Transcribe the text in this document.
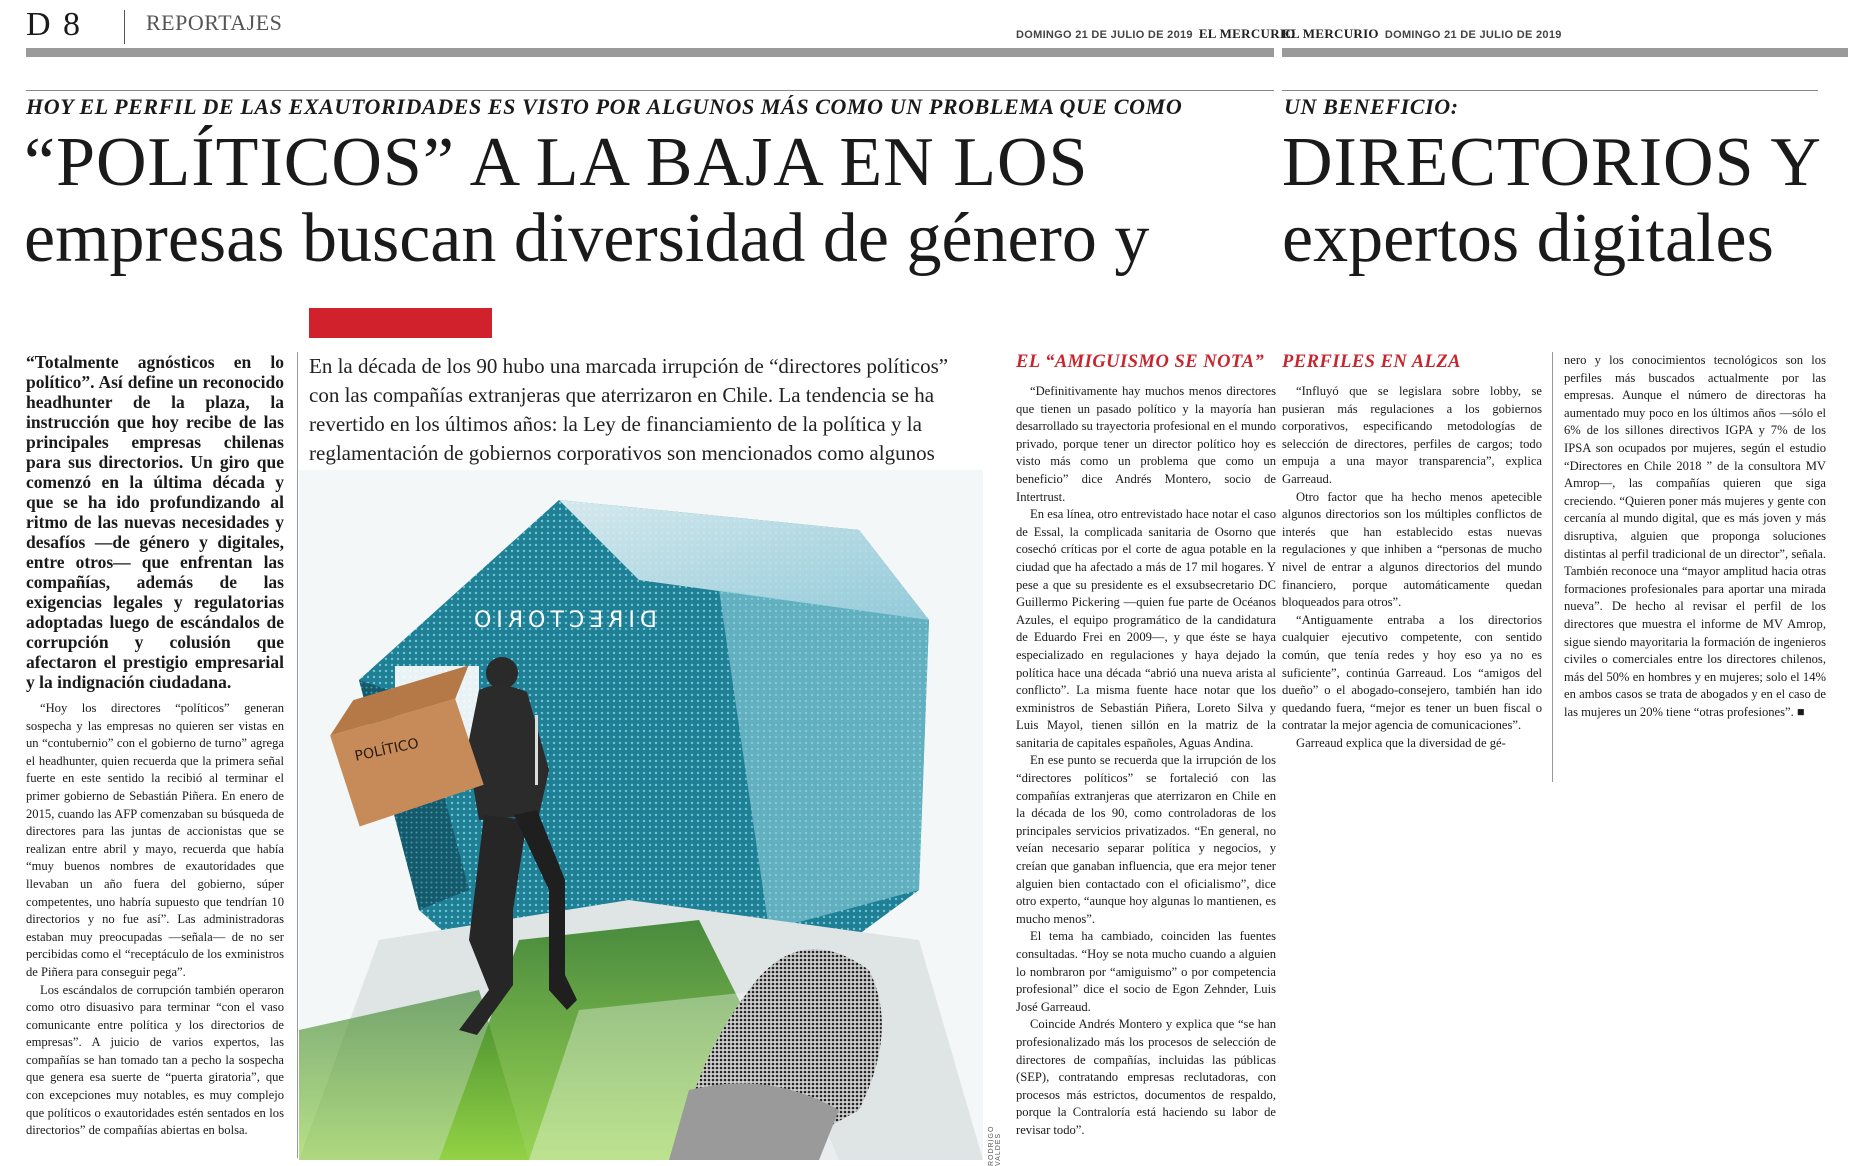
D 8	REPORTAJES	DOMINGO 21 DE JULIO DE 2019 EL MERCURIO
EL MERCURIO DOMINGO 21 DE JULIO DE 2019
HOY EL PERFIL DE LAS EXAUTORIDADES ES VISTO POR ALGUNOS MÁS COMO UN PROBLEMA QUE COMO	UN BENEFICIO:
“POLÍTICOS” A LA BAJA EN LOS	DIRECTORIOS Y
empresas buscan diversidad de género y expertos digitales
“Totalmente agnósticos en lo político”. Así define un reconocido headhunter de la plaza, la instrucción que hoy recibe de las principales empresas chilenas para sus directorios. Un giro que comenzó en la última década y que se ha ido profundizando al ritmo de las nuevas necesidades y desafíos —de género y digitales, entre otros— que enfrentan las compañías, además de las exigencias legales y regulatorias adoptadas luego de escándalos de corrupción y colusión que afectaron el prestigio empresarial y la indignación ciudadana.

“Hoy los directores “políticos” generan sospecha y las empresas no quieren ser vistas en un “contubernio” con el gobierno de turno” agrega el headhunter, quien recuerda que la primera señal fuerte en este sentido la recibió al terminar el primer gobierno de Sebastián Piñera. En enero de 2015, cuando las AFP comenzaban su búsqueda de directores para las juntas de accionistas que se realizan entre abril y mayo, recuerda que había “muy buenos nombres de exautoridades que llevaban un año fuera del gobierno, súper competentes, uno habría supuesto que tendrían 10 directorios y no fue así”. Las administradoras estaban muy preocupadas —señala— de no ser percibidas como el “receptáculo de los exministros de Piñera para conseguir pega”.

Los escándalos de corrupción también operaron como otro disuasivo para terminar “con el vaso comunicante entre política y los directorios de empresas”. A juicio de varios expertos, las compañías se han tomado tan a pecho la sospecha que genera esa suerte de “puerta giratoria”, que con excepciones muy notables, es muy complejo que políticos o exautoridades estén sentados en los directorios” de compañías abiertas en bolsa.

En la década de los 90 hubo una marcada irrupción de “directores políticos” con las compañías extranjeras que aterrizaron en Chile. La tendencia se ha revertido en los últimos años: la Ley de financiamiento de la política y la reglamentación de gobiernos corporativos son mencionados como algunos
DIRECTORIO
POLÍTICO
RODRIGO VALDÉS
EL “AMIGUISMO SE NOTA”

“Definitivamente hay muchos menos directores que tienen un pasado político y la mayoría han desarrollado su trayectoria profesional en el mundo privado, porque tener un director político hoy es visto más como un problema que como un beneficio” dice Andrés Montero, socio de Intertrust.

En esa línea, otro entrevistado hace notar el caso de Essal, la complicada sanitaria de Osorno que cosechó críticas por el corte de agua potable en la ciudad que ha afectado a más de 17 mil hogares. Y pese a que su presidente es el exsubsecretario DC Guillermo Pickering —quien fue parte de Océanos Azules, el equipo programático de la candidatura de Eduardo Frei en 2009—, y que éste se haya especializado en regulaciones y haya dejado la política hace una década “abrió una nueva arista al conflicto”. La misma fuente hace notar que los exministros de Sebastián Piñera, Loreto Silva y Luis Mayol, tienen sillón en la matriz de la sanitaria de capitales españoles, Aguas Andina.

En ese punto se recuerda que la irrupción de los “directores políticos” se fortaleció con las compañías extranjeras que aterrizaron en Chile en la década de los 90, como controladoras de los principales servicios privatizados. “En general, no veían necesario separar política y negocios, y creían que ganaban influencia, que era mejor tener alguien bien contactado con el oficialismo”, dice otro experto, “aunque hoy algunas lo mantienen, es mucho menos”.

El tema ha cambiado, coinciden las fuentes consultadas. “Hoy se nota mucho cuando a alguien lo nombraron por “amiguismo” o por competencia profesional” dice el socio de Egon Zehnder, Luis José Garreaud.

Coincide Andrés Montero y explica que “se han profesionalizado más los procesos de selección de directores de compañías, incluidas las públicas (SEP), contratando empresas reclutadoras, con procesos más estrictos, documentos de respaldo, porque la Contraloría está haciendo su labor de revisar todo”.

PERFILES EN ALZA

“Influyó que se legislara sobre lobby, se pusieran más regulaciones a los gobiernos corporativos, especificando metodologías de selección de directores, perfiles de cargos; todo empuja a una mayor transparencia”, explica Garreaud.

Otro factor que ha hecho menos apetecible algunos directorios son los múltiples conflictos de interés que han establecido estas nuevas regulaciones y que inhiben a “personas de mucho nivel de entrar a algunos directorios del mundo financiero, porque automáticamente quedan bloqueados para otros”.

“Antiguamente entraba a los directorios cualquier ejecutivo competente, con sentido común, que tenía redes y hoy eso ya no es suficiente”, continúa Garreaud. Los “amigos del dueño” o el abogado-consejero, también han ido quedando fuera, “mejor es tener un buen fiscal o contratar la mejor agencia de comunicaciones”.

Garreaud explica que la diversidad de gé-

nero y los conocimientos tecnológicos son los perfiles más buscados actualmente por las empresas. Aunque el número de directoras ha aumentado muy poco en los últimos años —sólo el 6% de los sillones directivos IGPA y 7% de los IPSA son ocupados por mujeres, según el estudio “Directores en Chile 2018 ” de la consultora MV Amrop—, las compañías quieren que siga creciendo. “Quieren poner más mujeres y gente con cercanía al mundo digital, que es más joven y más disruptiva, alguien que proponga soluciones distintas al perfil tradicional de un director”, señala. También reconoce una “mayor amplitud hacia otras formaciones profesionales para aportar una mirada nueva”. De hecho al revisar el perfil de los directores que muestra el informe de MV Amrop, sigue siendo mayoritaria la formación de ingenieros civiles o comerciales entre los directores chilenos, más del 50% en hombres y en mujeres; solo el 14% en ambos casos se trata de abogados y en el caso de las mujeres un 20% tiene “otras profesiones”. ■
